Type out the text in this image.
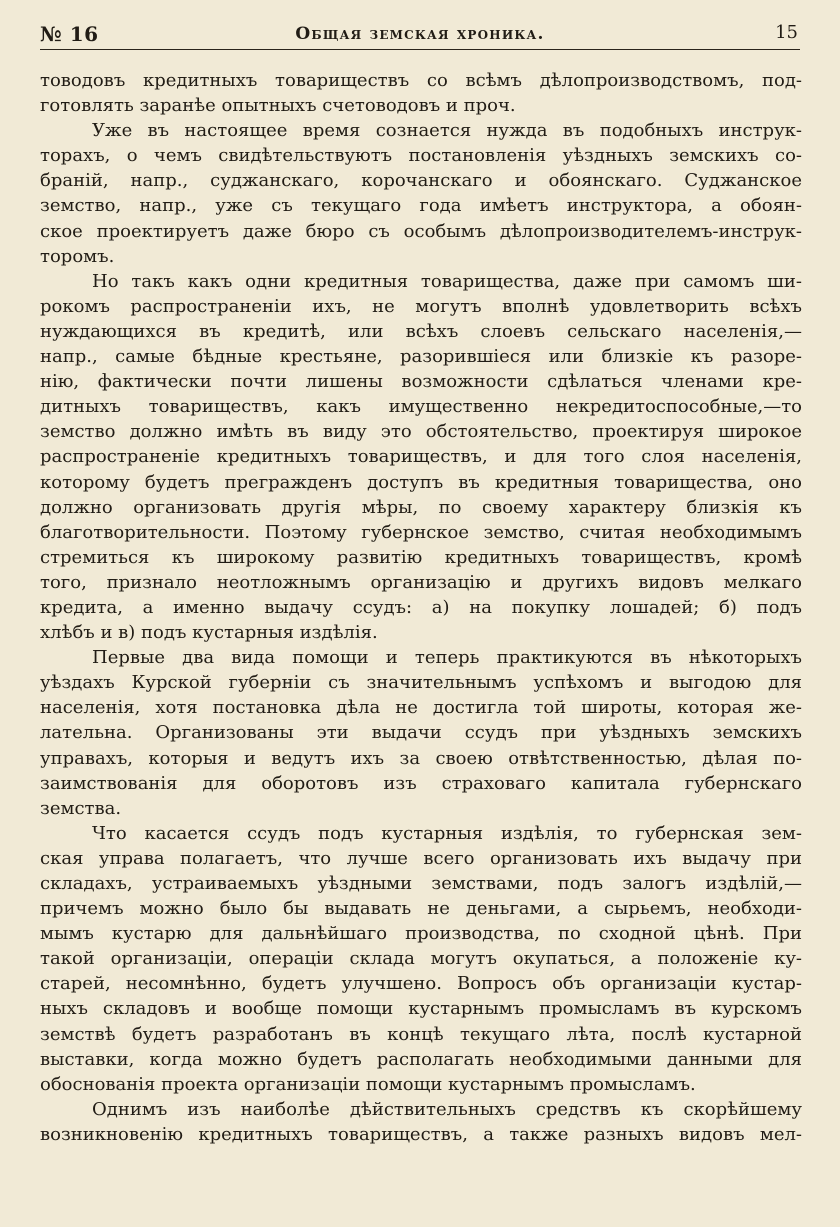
№ 16	Общая земская хроника.	15
товодовъ кредитныхъ товариществъ со всѣмъ дѣлопроизводствомъ, под-
готовлять заранѣе опытныхъ счетоводовъ и проч.
Уже въ настоящее время сознается нужда въ подобныхъ инструк-
торахъ, о чемъ свидѣтельствуютъ постановленія уѣздныхъ земскихъ со-
браній, напр., суджанскаго, корочанскаго и обоянскаго. Суджанское
земство, напр., уже съ текущаго года имѣетъ инструктора, а обоян-
ское проектируетъ даже бюро съ особымъ дѣлопроизводителемъ-инструк-
торомъ.
Но такъ какъ одни кредитныя товарищества, даже при самомъ ши-
рокомъ распространеніи ихъ, не могутъ вполнѣ удовлетворить всѣхъ
нуждающихся въ кредитѣ, или всѣхъ слоевъ сельскаго населенія,—
напр., самые бѣдные крестьяне, разорившіеся или близкіе къ разоре-
нію, фактически почти лишены возможности сдѣлаться членами кре-
дитныхъ товариществъ, какъ имущественно некредитоспособные,—то
земство должно имѣть въ виду это обстоятельство, проектируя широкое
распространеніе кредитныхъ товариществъ, и для того слоя населенія,
которому будетъ прегражденъ доступъ въ кредитныя товарищества, оно
должно организовать другія мѣры, по своему характеру близкія къ
благотворительности. Поэтому губернское земство, считая необходимымъ
стремиться къ широкому развитію кредитныхъ товариществъ, кромѣ
того, признало неотложнымъ организацію и другихъ видовъ мелкаго
кредита, а именно выдачу ссудъ: а) на покупку лошадей; б) подъ
хлѣбъ и в) подъ кустарныя издѣлія.
Первые два вида помощи и теперь практикуются въ нѣкоторыхъ
уѣздахъ Курской губерніи съ значительнымъ успѣхомъ и выгодою для
населенія, хотя постановка дѣла не достигла той широты, которая же-
лательна. Организованы эти выдачи ссудъ при уѣздныхъ земскихъ
управахъ, которыя и ведутъ ихъ за своею отвѣтственностью, дѣлая по-
заимствованія для оборотовъ изъ страховаго капитала губернскаго
земства.
Что касается ссудъ подъ кустарныя издѣлія, то губернская зем-
ская управа полагаетъ, что лучше всего организовать ихъ выдачу при
складахъ, устраиваемыхъ уѣздными земствами, подъ залогъ издѣлій,—
причемъ можно было бы выдавать не деньгами, а сырьемъ, необходи-
мымъ кустарю для дальнѣйшаго производства, по сходной цѣнѣ. При
такой организаціи, операціи склада могутъ окупаться, а положеніе ку-
старей, несомнѣнно, будетъ улучшено. Вопросъ объ организаціи кустар-
ныхъ складовъ и вообще помощи кустарнымъ промысламъ въ курскомъ
земствѣ будетъ разработанъ въ концѣ текущаго лѣта, послѣ кустарной
выставки, когда можно будетъ располагать необходимыми данными для
обоснованія проекта организаціи помощи кустарнымъ промысламъ.
Однимъ изъ наиболѣе дѣйствительныхъ средствъ къ скорѣйшему
возникновенію кредитныхъ товариществъ, а также разныхъ видовъ мел-
